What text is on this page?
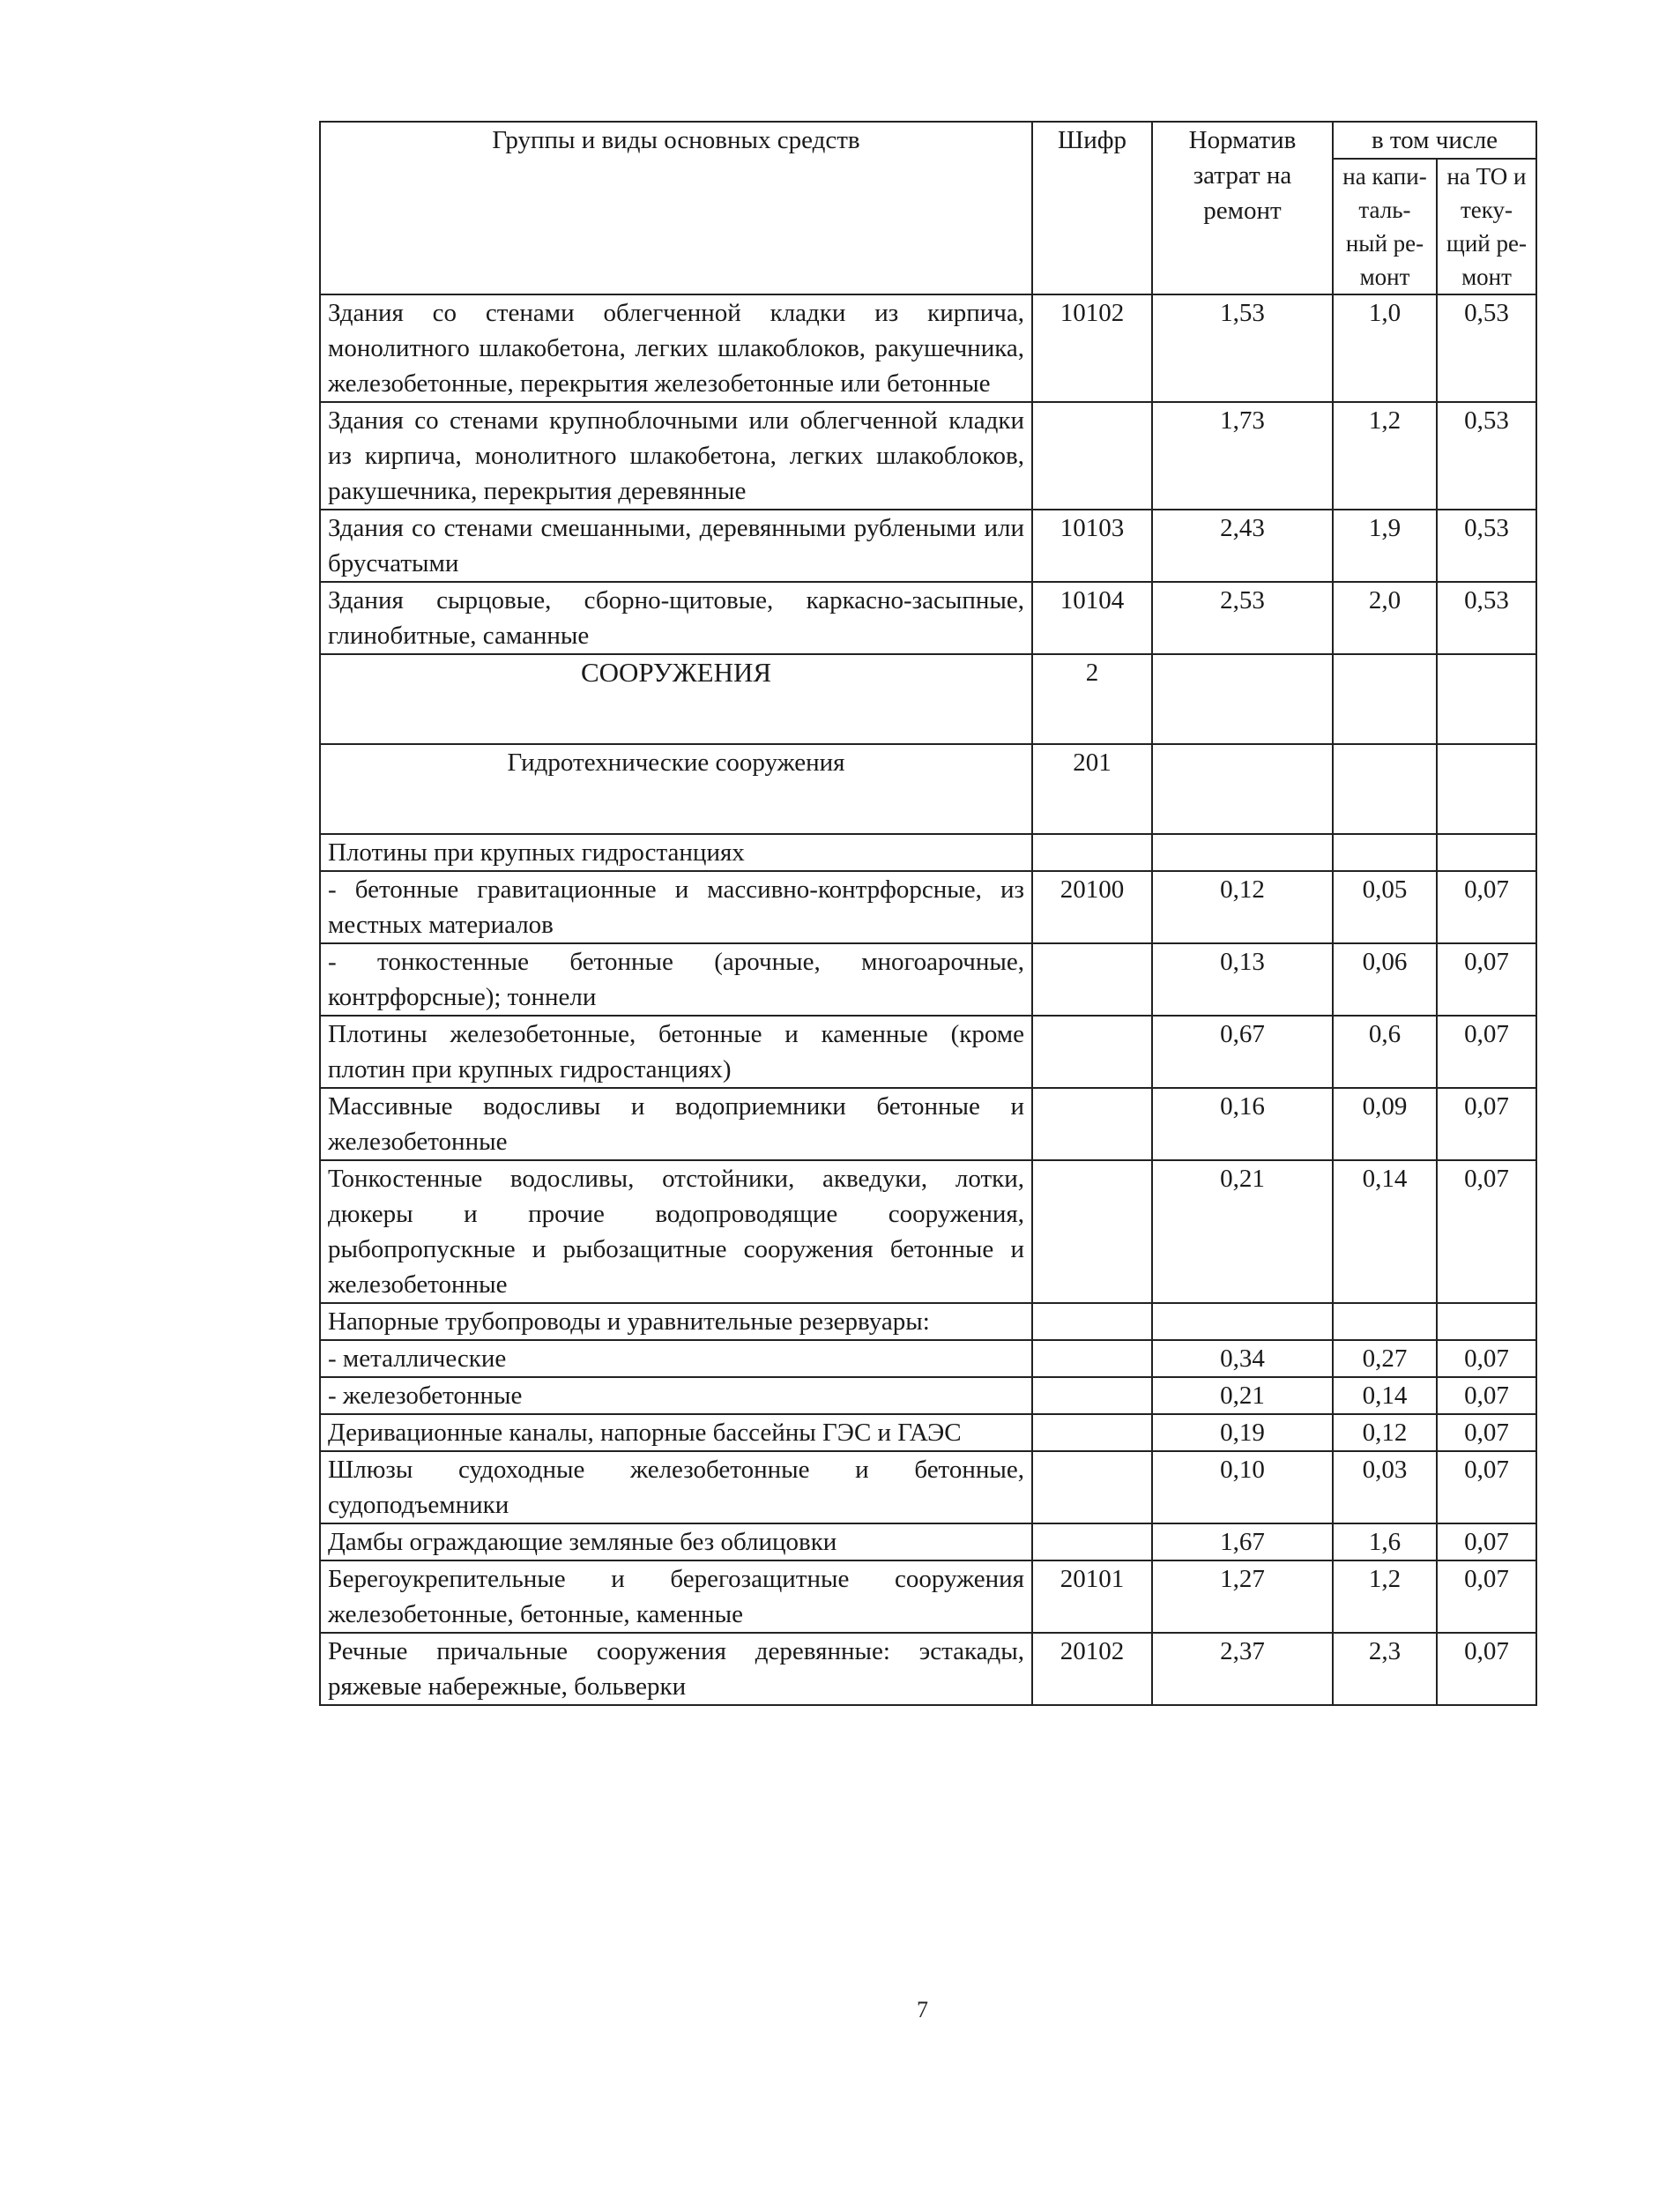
Группы и виды основных средств	Шифр	Норматив затрат на ремонт	в том числе	
			на капи- таль- ный ре- монт	на ТО и теку- щий ре- монт
Здания со стенами облегченной кладки из кирпича, монолитного шлакобетона, легких шлакоблоков, ракушечника, железобетонные, перекрытия железобетонные или бетонные	10102	1,53	1,0	0,53
Здания со стенами крупноблочными или облегченной кладки из кирпича, монолитного шлакобетона, легких шлакоблоков, ракушечника, перекрытия деревянные		1,73	1,2	0,53
Здания со стенами смешанными, деревянными рублеными или брусчатыми	10103	2,43	1,9	0,53
Здания сырцовые, сборно-щитовые, каркасно-засыпные, глинобитные, саманные	10104	2,53	2,0	0,53
СООРУЖЕНИЯ	2			
Гидротехнические сооружения	201			
Плотины при крупных гидростанциях				
- бетонные гравитационные и массивно-контрфорсные, из местных материалов	20100	0,12	0,05	0,07
- тонкостенные бетонные (арочные, многоарочные, контрфорсные); тоннели		0,13	0,06	0,07
Плотины железобетонные, бетонные и каменные (кроме плотин при крупных гидростанциях)		0,67	0,6	0,07
Массивные водосливы и водоприемники бетонные и железобетонные		0,16	0,09	0,07
Тонкостенные водосливы, отстойники, акведуки, лотки, дюкеры и прочие водопроводящие сооружения, рыбопропускные и рыбозащитные сооружения бетонные и железобетонные		0,21	0,14	0,07
Напорные трубопроводы и уравнительные резервуары:				
- металлические		0,34	0,27	0,07
- железобетонные		0,21	0,14	0,07
Деривационные каналы, напорные бассейны ГЭС и ГАЭС		0,19	0,12	0,07
Шлюзы судоходные железобетонные и бетонные, судоподъемники		0,10	0,03	0,07
Дамбы ограждающие земляные без облицовки		1,67	1,6	0,07
Берегоукрепительные и берегозащитные сооружения железобетонные, бетонные, каменные	20101	1,27	1,2	0,07
Речные причальные сооружения деревянные: эстакады, ряжевые набережные, больверки	20102	2,37	2,3	0,07
7
